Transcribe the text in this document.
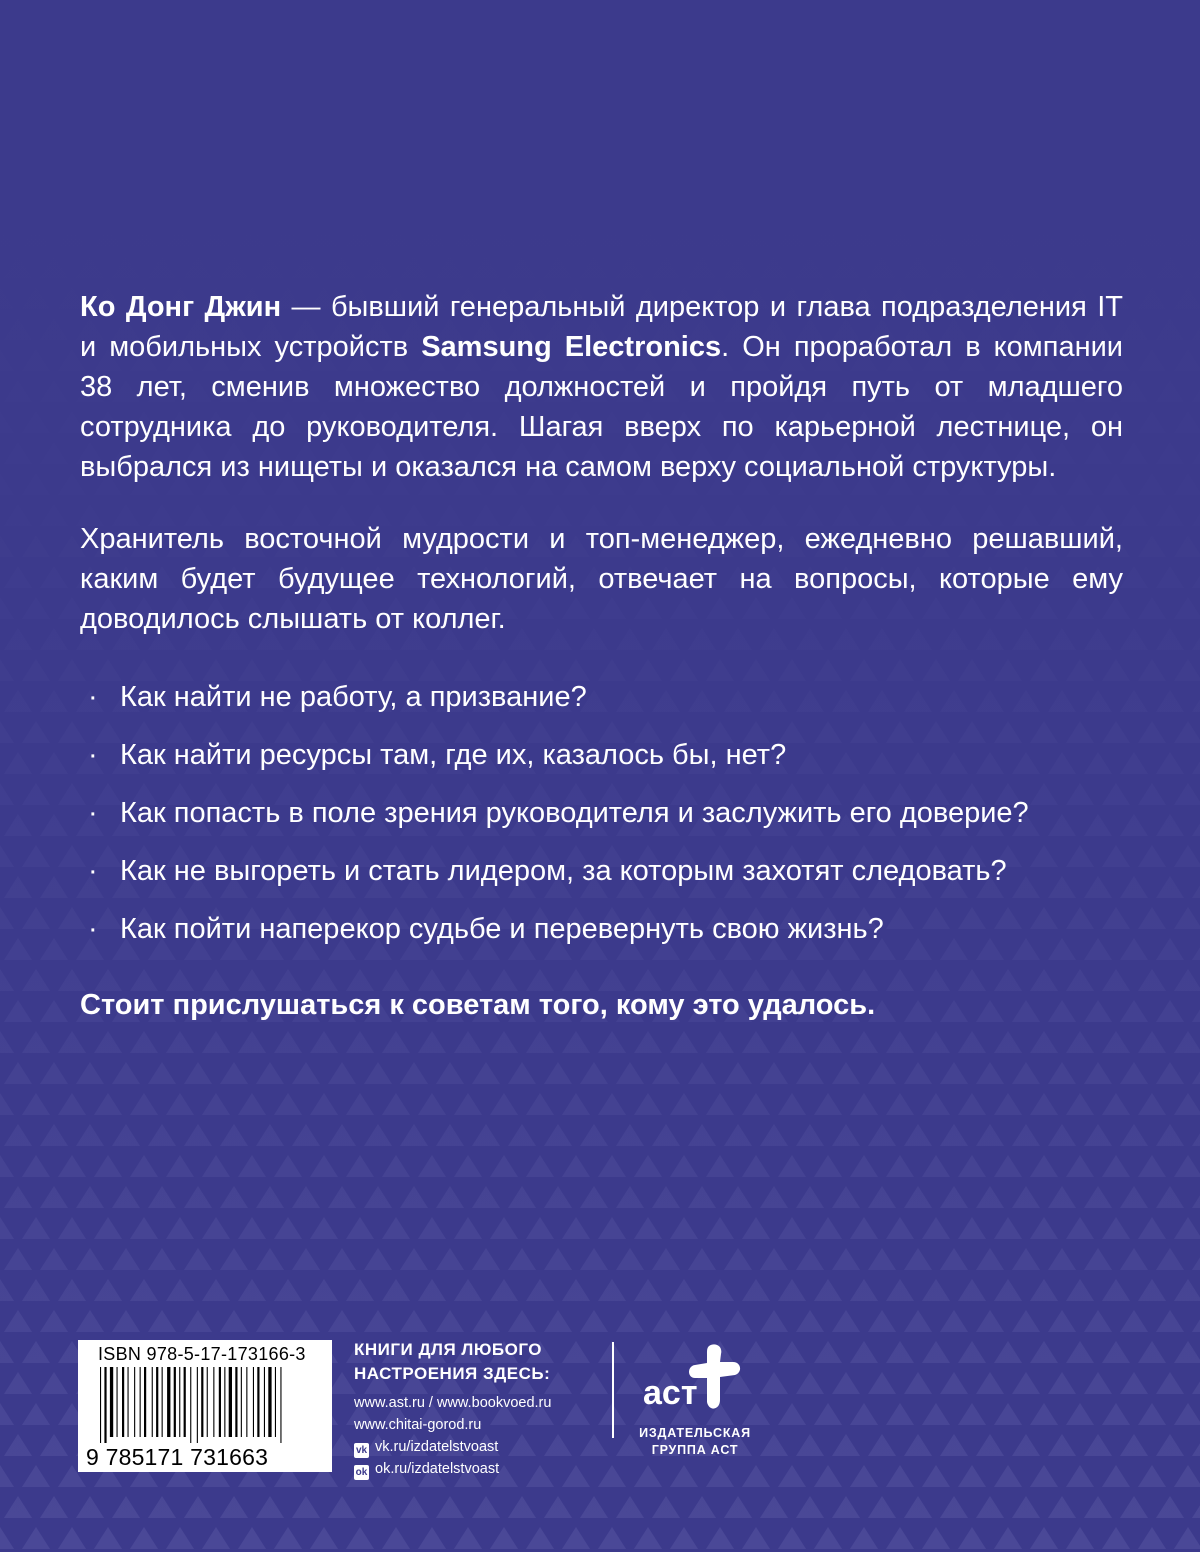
Ко Донг Джин — бывший генеральный директор и глава подразделения IT и мобильных устройств Samsung Electronics. Он проработал в компании 38 лет, сменив множество должностей и пройдя путь от младшего сотрудника до руководителя. Шагая вверх по карьерной лестнице, он выбрался из нищеты и оказался на самом верху социальной структуры.

Хранитель восточной мудрости и топ-менеджер, ежедневно решавший, каким будет будущее технологий, отвечает на вопросы, которые ему доводилось слышать от коллег.

· Как найти не работу, а призвание?
· Как найти ресурсы там, где их, казалось бы, нет?
· Как попасть в поле зрения руководителя и заслужить его доверие?
· Как не выгореть и стать лидером, за которым захотят следовать?
· Как пойти наперекор судьбе и перевернуть свою жизнь?

Стоит прислушаться к советам того, кому это удалось.

ISBN 978-5-17-173166-3
9 785171 731663

КНИГИ ДЛЯ ЛЮБОГО

НАСТРОЕНИЯ ЗДЕСЬ:

www.ast.ru / www.bookvoed.ru

www.chitai-gorod.ru

vk vk.ru/izdatelstvoast

ok ok.ru/izdatelstvoast

аст

ИЗДАТЕЛЬСКАЯ

ГРУППА АСТ
